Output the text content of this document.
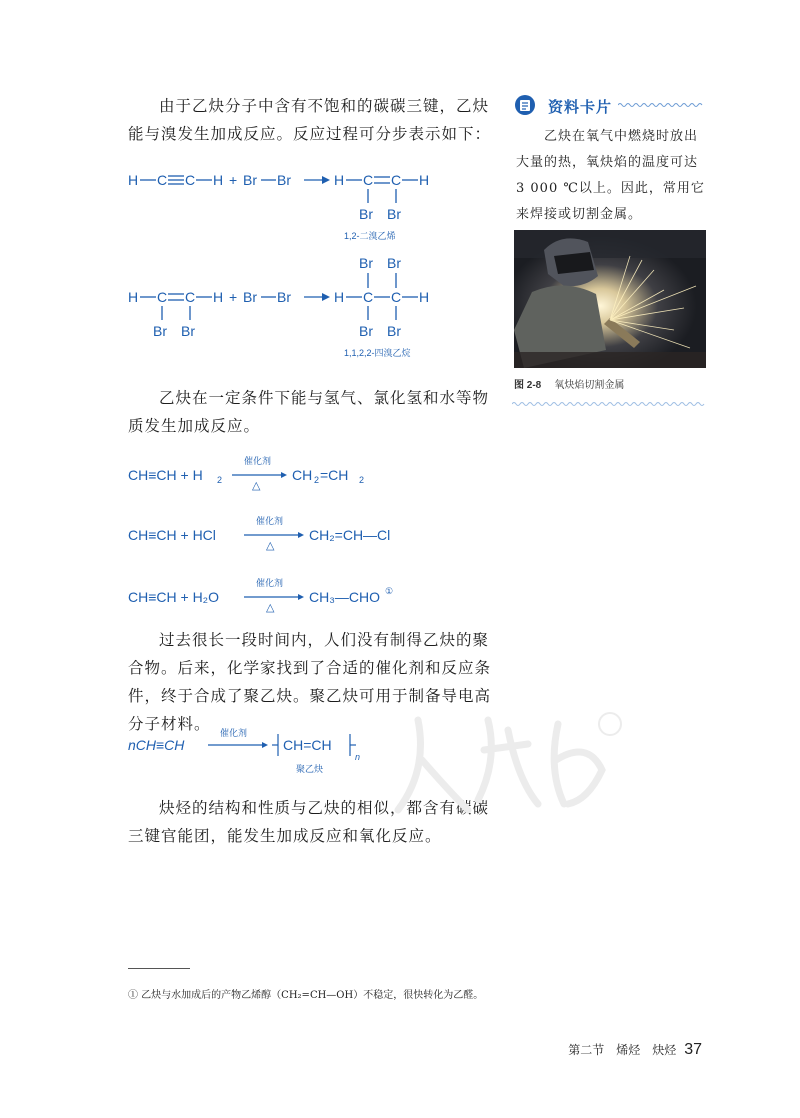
由于乙炔分子中含有不饱和的碳碳三键，乙炔能与溴发生加成反应。反应过程可分步表示如下：

H C C H + Br Br	H C C H
Br Br
1,2-二溴乙烯
Br Br
H C C H + Br Br
Br Br
H C C H
Br Br
1,1,2,2-四溴乙烷

乙炔在一定条件下能与氢气、氯化氢和水等物质发生加成反应。

CH≡CH + H 2
催化剂
△
CH 2 =CH 2
CH≡CH + HCl
催化剂
△
CH₂=CH—Cl
CH≡CH + H₂O
催化剂
△
CH₃—CHO ①

过去很长一段时间内，人们没有制得乙炔的聚合物。后来，化学家找到了合适的催化剂和反应条件，终于合成了聚乙炔。聚乙炔可用于制备导电高分子材料。

nCH≡CH
催化剂
CH=CH
n
聚乙炔

炔烃的结构和性质与乙炔的相似，都含有碳碳三键官能团，能发生加成反应和氧化反应。

资料卡片
乙炔在氧气中燃烧时放出大量的热，氧炔焰的温度可达3 000 ℃以上。因此，常用它来焊接或切割金属。
图 2-8 氧炔焰切割金属
① 乙炔与水加成后的产物乙烯醇（CH₂=CH—OH）不稳定，很快转化为乙醛。
第二节　烯烃　炔烃 37
